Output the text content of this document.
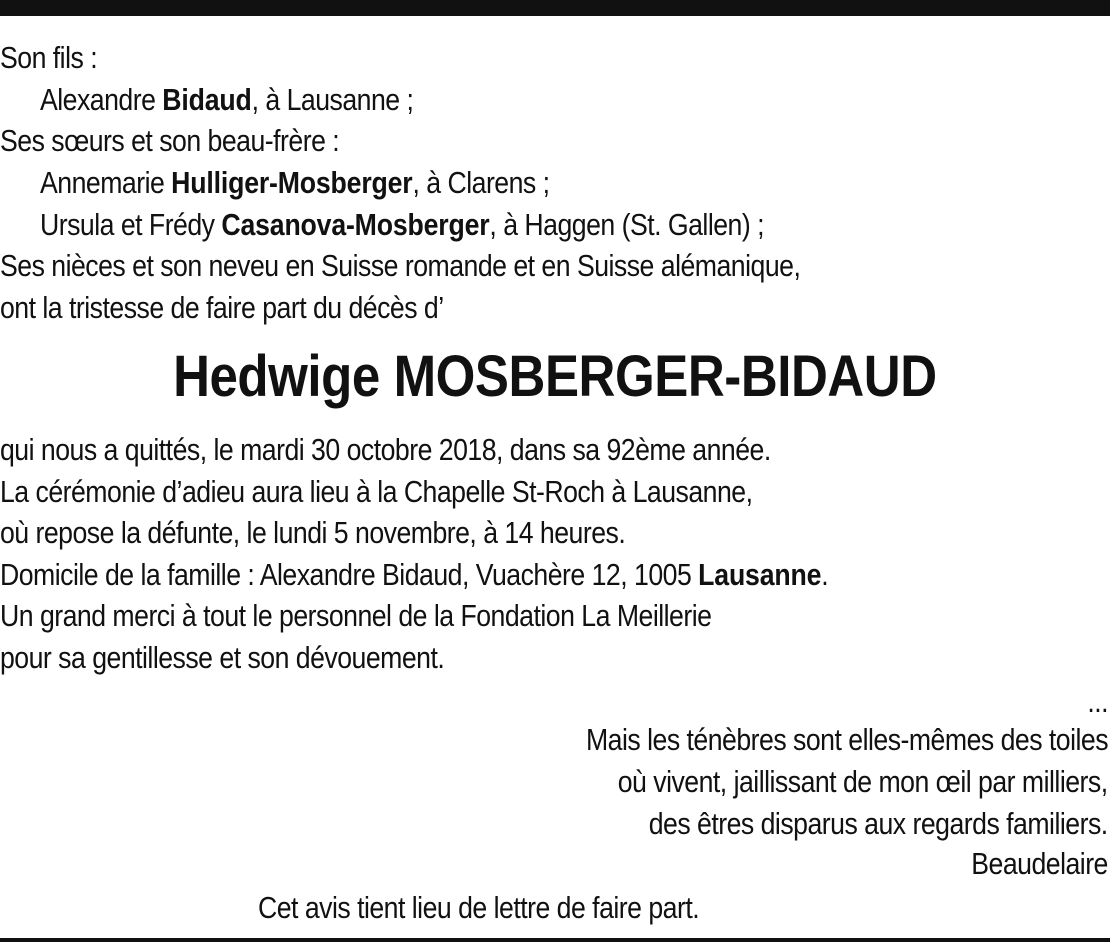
Son fils :
Alexandre Bidaud, à Lausanne ;
Ses sœurs et son beau-frère :
Annemarie Hulliger-Mosberger, à Clarens ;
Ursula et Frédy Casanova-Mosberger, à Haggen (St. Gallen) ;
Ses nièces et son neveu en Suisse romande et en Suisse alémanique,
ont la tristesse de faire part du décès d’
Hedwige MOSBERGER-BIDAUD
qui nous a quittés, le mardi 30 octobre 2018, dans sa 92ème année.
La cérémonie d’adieu aura lieu à la Chapelle St-Roch à Lausanne,
où repose la défunte, le lundi 5 novembre, à 14 heures.
Domicile de la famille : Alexandre Bidaud, Vuachère 12, 1005 Lausanne.
Un grand merci à tout le personnel de la Fondation La Meillerie
pour sa gentillesse et son dévouement.
...
Mais les ténèbres sont elles-mêmes des toiles
où vivent, jaillissant de mon œil par milliers,
des êtres disparus aux regards familiers.
Beaudelaire
Cet avis tient lieu de lettre de faire part.
